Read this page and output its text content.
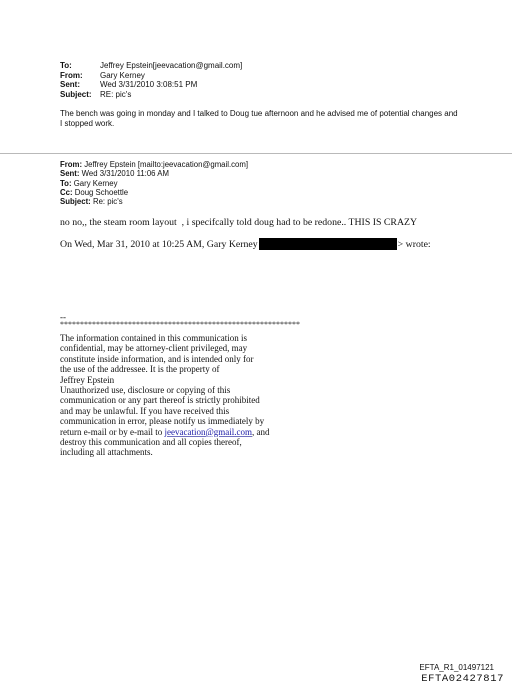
To:	Jeffrey Epstein[jeevacation@gmail.com]
From:	Gary Kerney
Sent:	Wed 3/31/2010 3:08:51 PM
Subject:	RE: pic's
The bench was going in monday and I talked to Doug tue afternoon and he advised me of potential changes and I stopped work.
From: Jeffrey Epstein [mailto:jeevacation@gmail.com]
Sent: Wed 3/31/2010 11:06 AM
To: Gary Kerney
Cc: Doug Schoettle
Subject: Re: pic's
no no,, the steam room layout  , i specifcally told doug had to be redone.. THIS IS CRAZY
On Wed, Mar 31, 2010 at 10:25 AM, Gary Kerney	> wrote:
--
************************************************************
The information contained in this communication is
confidential, may be attorney-client privileged, may
constitute inside information, and is intended only for
the use of the addressee. It is the property of
Jeffrey Epstein
Unauthorized use, disclosure or copying of this
communication or any part thereof is strictly prohibited
and may be unlawful. If you have received this
communication in error, please notify us immediately by
return e-mail or by e-mail to jeevacation@gmail.com, and
destroy this communication and all copies thereof,
including all attachments.
EFTA_R1_01497121
EFTA02427817
